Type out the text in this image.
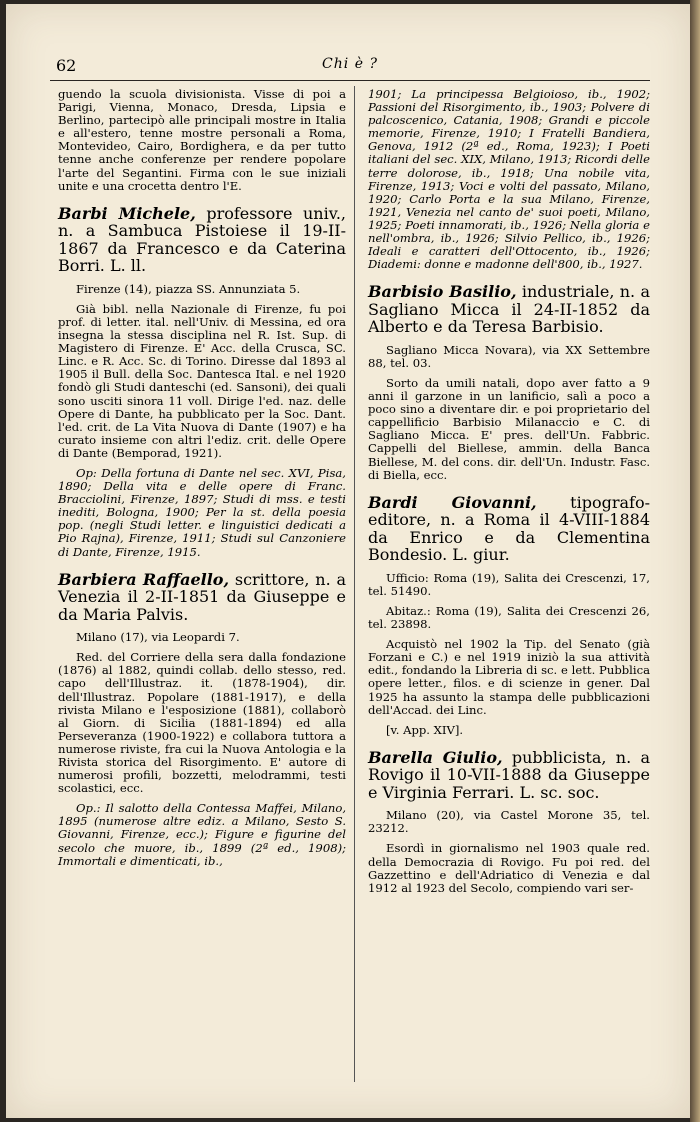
62	Chi è ?

guendo la scuola divisionista. Visse di poi a Parigi, Vienna, Monaco, Dresda, Lipsia e Berlino, partecipò alle principali mostre in Italia e all'estero, tenne mostre personali a Roma, Montevideo, Cairo, Bordighera, e da per tutto tenne anche conferenze per rendere popolare l'arte del Segantini. Firma con le sue iniziali unite e una crocetta dentro l'E.

Barbi Michele, professore univ., n. a Sambuca Pistoiese il 19-II-1867 da Francesco e da Caterina Borri. L. ll.

Firenze (14), piazza SS. Annunziata 5.

Già bibl. nella Nazionale di Firenze, fu poi prof. di letter. ital. nell'Univ. di Messina, ed ora insegna la stessa disciplina nel R. Ist. Sup. di Magistero di Firenze. E' Acc. della Crusca, SC. Linc. e R. Acc. Sc. di Torino. Diresse dal 1893 al 1905 il Bull. della Soc. Dantesca Ital. e nel 1920 fondò gli Studi danteschi (ed. Sansoni), dei quali sono usciti sinora 11 voll. Dirige l'ed. naz. delle Opere di Dante, ha pubblicato per la Soc. Dant. l'ed. crit. de La Vita Nuova di Dante (1907) e ha curato insieme con altri l'ediz. crit. delle Opere di Dante (Bemporad, 1921).

Op: Della fortuna di Dante nel sec. XVI, Pisa, 1890; Della vita e delle opere di Franc. Bracciolini, Firenze, 1897; Studi di mss. e testi inediti, Bologna, 1900; Per la st. della poesia pop. (negli Studi letter. e linguistici dedicati a Pio Rajna), Firenze, 1911; Studi sul Canzoniere di Dante, Firenze, 1915.

Barbiera Raffaello, scrittore, n. a Venezia il 2-II-1851 da Giuseppe e da Maria Palvis.

Milano (17), via Leopardi 7.

Red. del Corriere della sera dalla fondazione (1876) al 1882, quindi collab. dello stesso, red. capo dell'Illustraz. it. (1878-1904), dir. dell'Illustraz. Popolare (1881-1917), e della rivista Milano e l'esposizione (1881), collaborò al Giorn. di Sicilia (1881-1894) ed alla Perseveranza (1900-1922) e collabora tuttora a numerose riviste, fra cui la Nuova Antologia e la Rivista storica del Risorgimento. E' autore di numerosi profili, bozzetti, melodrammi, testi scolastici, ecc.

Op.: Il salotto della Contessa Maffei, Milano, 1895 (numerose altre ediz. a Milano, Sesto S. Giovanni, Firenze, ecc.); Figure e figurine del secolo che muore, ib., 1899 (2ª ed., 1908); Immortali e dimenticati, ib.,

1901; La principessa Belgioioso, ib., 1902; Passioni del Risorgimento, ib., 1903; Polvere di palcoscenico, Catania, 1908; Grandi e piccole memorie, Firenze, 1910; I Fratelli Bandiera, Genova, 1912 (2ª ed., Roma, 1923); I Poeti italiani del sec. XIX, Milano, 1913; Ricordi delle terre dolorose, ib., 1918; Una nobile vita, Firenze, 1913; Voci e volti del passato, Milano, 1920; Carlo Porta e la sua Milano, Firenze, 1921, Venezia nel canto de' suoi poeti, Milano, 1925; Poeti innamorati, ib., 1926; Nella gloria e nell'ombra, ib., 1926; Silvio Pellico, ib., 1926; Ideali e caratteri dell'Ottocento, ib., 1926; Diademi: donne e madonne dell'800, ib., 1927.

Barbisio Basilio, industriale, n. a Sagliano Micca il 24-II-1852 da Alberto e da Teresa Barbisio.

Sagliano Micca Novara), via XX Settembre 88, tel. 03.

Sorto da umili natali, dopo aver fatto a 9 anni il garzone in un lanificio, salì a poco a poco sino a diventare dir. e poi proprietario del cappellificio Barbisio Milanaccio e C. di Sagliano Micca. E' pres. dell'Un. Fabbric. Cappelli del Biellese, ammin. della Banca Biellese, M. del cons. dir. dell'Un. Industr. Fasc. di Biella, ecc.

Bardi Giovanni, tipografo-editore, n. a Roma il 4-VIII-1884 da Enrico e da Clementina Bondesio. L. giur.

Ufficio: Roma (19), Salita dei Crescenzi, 17, tel. 51490.

Abitaz.: Roma (19), Salita dei Crescenzi 26, tel. 23898.

Acquistò nel 1902 la Tip. del Senato (già Forzani e C.) e nel 1919 iniziò la sua attività edit., fondando la Libreria di sc. e lett. Pubblica opere letter., filos. e di scienze in gener. Dal 1925 ha assunto la stampa delle pubblicazioni dell'Accad. dei Linc.

[v. App. XIV].

Barella Giulio, pubblicista, n. a Rovigo il 10-VII-1888 da Giuseppe e Virginia Ferrari. L. sc. soc.

Milano (20), via Castel Morone 35, tel. 23212.

Esordì in giornalismo nel 1903 quale red. della Democrazia di Rovigo. Fu poi red. del Gazzettino e dell'Adriatico di Venezia e dal 1912 al 1923 del Secolo, compiendo vari ser-
